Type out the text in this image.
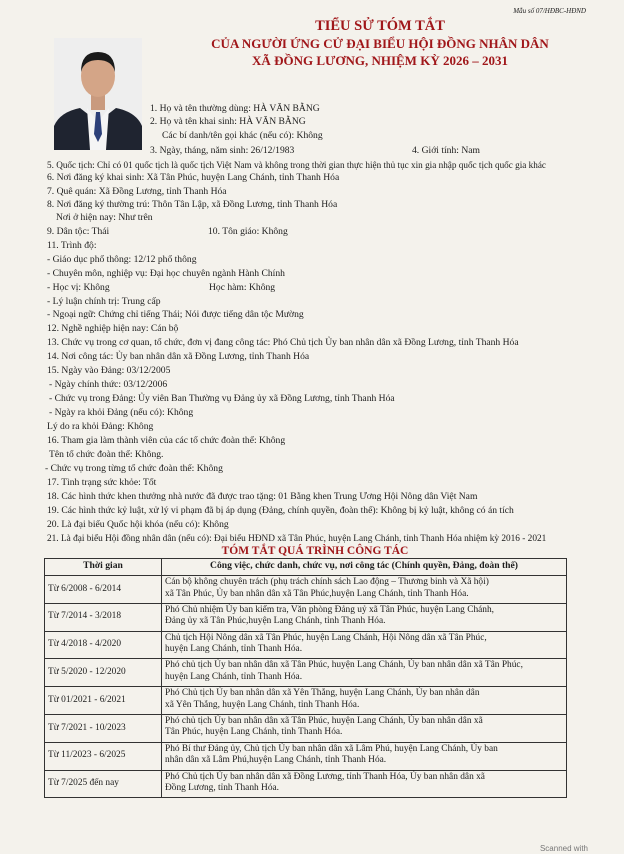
Mẫu số 07/HĐBC-HĐND
TIỂU SỬ TÓM TẮT
CỦA NGƯỜI ỨNG CỬ ĐẠI BIỂU HỘI ĐỒNG NHÂN DÂN
XÃ ĐỒNG LƯƠNG, NHIỆM KỲ 2026 – 2031
1. Họ và tên thường dùng: HÀ VĂN BẰNG
2. Họ và tên khai sinh: HÀ VĂN BẰNG
Các bí danh/tên gọi khác (nếu có): Không
3. Ngày, tháng, năm sinh: 26/12/1983	4. Giới tính: Nam
5. Quốc tịch: Chỉ có 01 quốc tịch là quốc tịch Việt Nam và không trong thời gian thực hiện thủ tục xin gia nhập quốc tịch quốc gia khác
6. Nơi đăng ký khai sinh: Xã Tân Phúc, huyện Lang Chánh, tỉnh Thanh Hóa
7. Quê quán: Xã Đồng Lương, tỉnh Thanh Hóa
8. Nơi đăng ký thường trú: Thôn Tân Lập, xã Đồng Lương, tỉnh Thanh Hóa
Nơi ở hiện nay: Như trên
9. Dân tộc: Thái	10. Tôn giáo: Không
11. Trình độ:
- Giáo dục phổ thông: 12/12 phổ thông
- Chuyên môn, nghiệp vụ: Đại học chuyên ngành Hành Chính
- Học vị: Không	Học hàm: Không
- Lý luận chính trị: Trung cấp
- Ngoại ngữ: Chứng chỉ tiếng Thái; Nói được tiếng dân tộc Mường
12. Nghề nghiệp hiện nay: Cán bộ
13. Chức vụ trong cơ quan, tổ chức, đơn vị đang công tác: Phó Chủ tịch Ủy ban nhân dân xã Đồng Lương, tỉnh Thanh Hóa
14. Nơi công tác: Ủy ban nhân dân xã Đồng Lương, tỉnh Thanh Hóa
15. Ngày vào Đảng: 03/12/2005
- Ngày chính thức: 03/12/2006
- Chức vụ trong Đảng: Ủy viên Ban Thường vụ Đảng ủy xã Đồng Lương, tỉnh Thanh Hóa
- Ngày ra khỏi Đảng (nếu có): Không
Lý do ra khỏi Đảng: Không
16. Tham gia làm thành viên của các tổ chức đoàn thể: Không
Tên tổ chức đoàn thể: Không.
- Chức vụ trong từng tổ chức đoàn thể: Không
17. Tình trạng sức khỏe: Tốt
18. Các hình thức khen thưởng nhà nước đã được trao tặng: 01 Bằng khen Trung Ương Hội Nông dân Việt Nam
19. Các hình thức kỷ luật, xử lý vi phạm đã bị áp dụng (Đảng, chính quyền, đoàn thể): Không bị kỷ luật, không có án tích
20. Là đại biểu Quốc hội khóa (nếu có): Không
21. Là đại biểu Hội đồng nhân dân (nếu có): Đại biểu HĐND xã Tân Phúc, huyện Lang Chánh, tỉnh Thanh Hóa nhiệm kỳ 2016 - 2021
TÓM TẮT QUÁ TRÌNH CÔNG TÁC
Thời gian	Công việc, chức danh, chức vụ, nơi công tác (Chính quyền, Đảng, đoàn thể)
Từ 6/2008 - 6/2014	Cán bộ không chuyên trách (phụ trách chính sách Lao động – Thương binh và Xã hội)
xã Tân Phúc, Ủy ban nhân dân xã Tân Phúc,huyện Lang Chánh, tỉnh Thanh Hóa.

Từ 7/2014 - 3/2018	Phó Chủ nhiệm Ủy ban kiểm tra, Văn phòng Đảng uỷ xã Tân Phúc, huyện Lang Chánh,
Đảng ủy xã Tân Phúc,huyện Lang Chánh, tỉnh Thanh Hóa.

Từ 4/2018 - 4/2020	Chủ tịch Hội Nông dân xã Tân Phúc, huyện Lang Chánh, Hội Nông dân xã Tân Phúc,
huyện Lang Chánh, tỉnh Thanh Hóa.

Từ 5/2020 - 12/2020	Phó chủ tịch Ủy ban nhân dân xã Tân Phúc, huyện Lang Chánh, Ủy ban nhân dân xã Tân Phúc,
huyện Lang Chánh, tỉnh Thanh Hóa.

Từ 01/2021 - 6/2021	Phó Chủ tịch Ủy ban nhân dân xã Yên Thắng, huyện Lang Chánh, Ủy ban nhân dân
xã Yên Thắng, huyện Lang Chánh, tỉnh Thanh Hóa.

Từ 7/2021 - 10/2023	Phó chủ tịch Ủy ban nhân dân xã Tân Phúc, huyện Lang Chánh, Ủy ban nhân dân xã
Tân Phúc, huyện Lang Chánh, tỉnh Thanh Hóa.

Từ 11/2023 - 6/2025	Phó Bí thư Đảng ủy, Chủ tịch Ủy ban nhân dân xã Lâm Phú, huyện Lang Chánh, Ủy ban
nhân dân xã Lâm Phú,huyện Lang Chánh, tỉnh Thanh Hóa.

Từ 7/2025 đến nay	Phó Chủ tịch Ủy ban nhân dân xã Đồng Lương, tỉnh Thanh Hóa, Ủy ban nhân dân xã
Đồng Lương, tỉnh Thanh Hóa.
Scanned with
